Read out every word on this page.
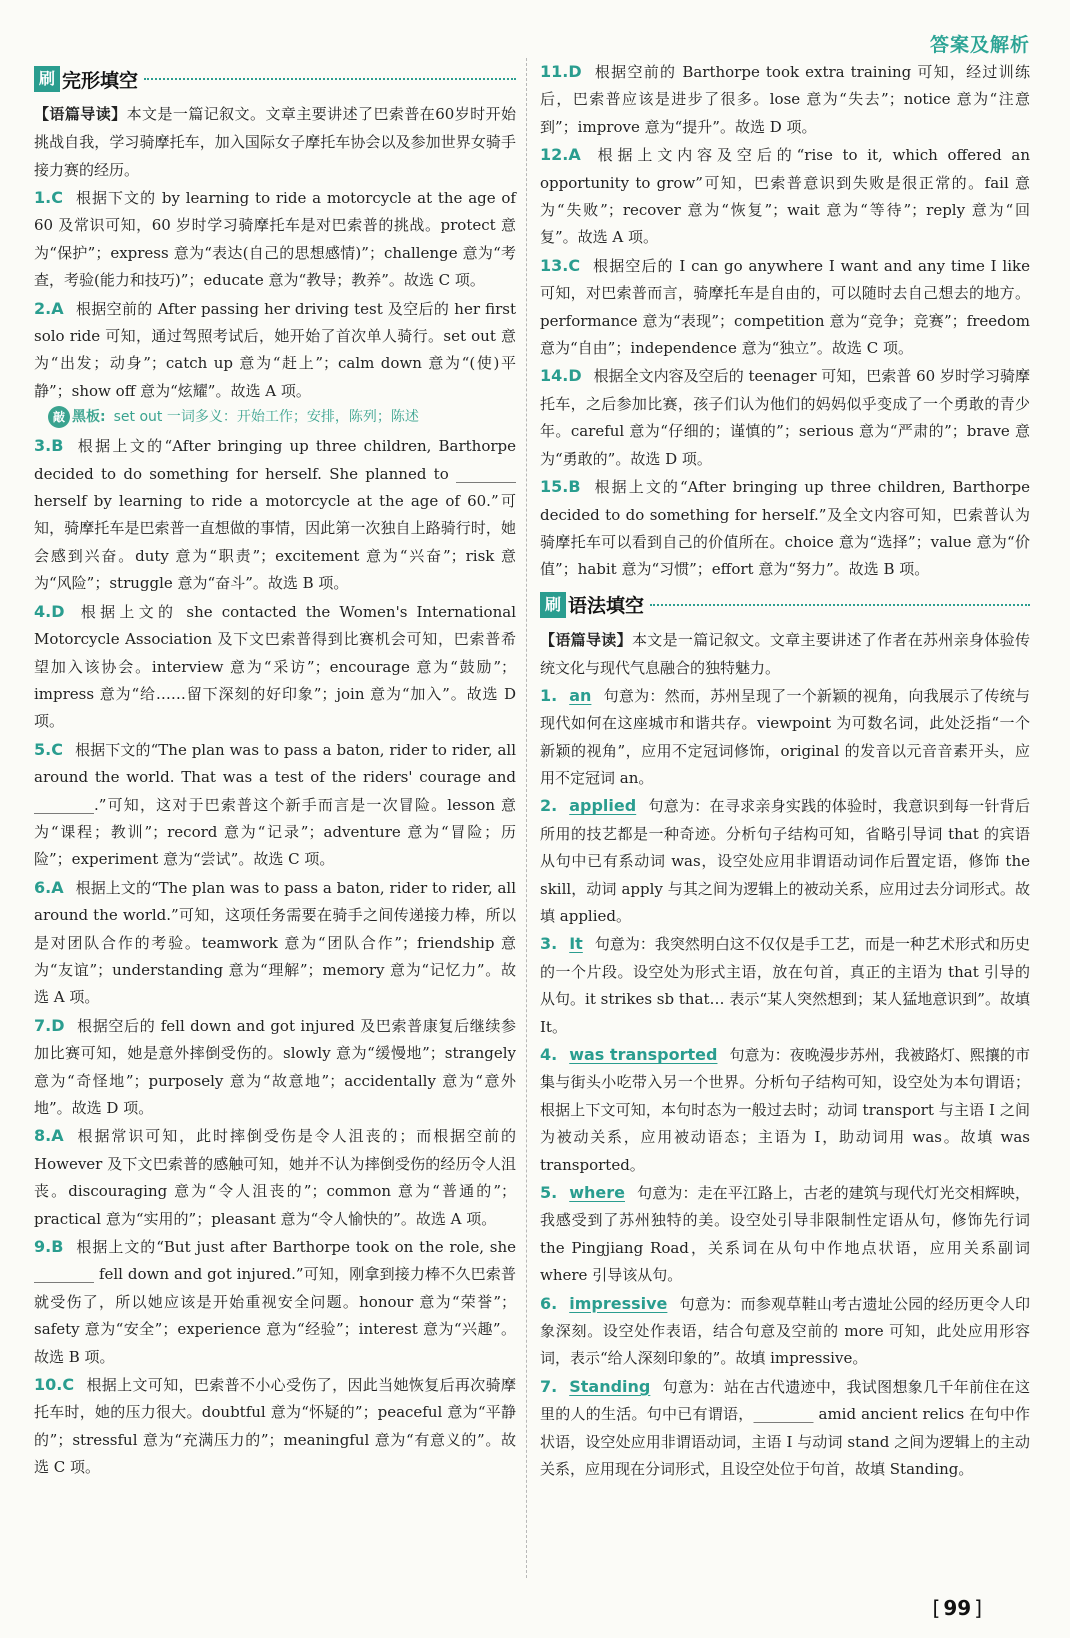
答案及解析
刷 完形填空
【语篇导读】本文是一篇记叙文。文章主要讲述了巴索普在60岁时开始挑战自我，学习骑摩托车，加入国际女子摩托车协会以及参加世界女骑手接力赛的经历。

1.C 根据下文的 by learning to ride a motorcycle at the age of 60 及常识可知，60 岁时学习骑摩托车是对巴索普的挑战。protect 意为“保护”；express 意为“表达(自己的思想感情)”；challenge 意为“考查，考验(能力和技巧)”；educate 意为“教导；教养”。故选 C 项。

2.A 根据空前的 After passing her driving test 及空后的 her first solo ride 可知，通过驾照考试后，她开始了首次单人骑行。set out 意为“出发；动身”；catch up 意为“赶上”；calm down 意为“(使)平静”；show off 意为“炫耀”。故选 A 项。

敲 黑板: set out 一词多义：开始工作；安排，陈列；陈述

3.B 根据上文的“After bringing up three children, Barthorpe decided to do something for herself. She planned to ________ herself by learning to ride a motorcycle at the age of 60.”可知，骑摩托车是巴索普一直想做的事情，因此第一次独自上路骑行时，她会感到兴奋。duty 意为“职责”；excitement 意为“兴奋”；risk 意为“风险”；struggle 意为“奋斗”。故选 B 项。

4.D 根据上文的 she contacted the Women's International Motorcycle Association 及下文巴索普得到比赛机会可知，巴索普希望加入该协会。interview 意为“采访”；encourage 意为“鼓励”；impress 意为“给……留下深刻的好印象”；join 意为“加入”。故选 D 项。

5.C 根据下文的“The plan was to pass a baton, rider to rider, all around the world. That was a test of the riders' courage and ________.”可知，这对于巴索普这个新手而言是一次冒险。lesson 意为“课程；教训”；record 意为“记录”；adventure 意为“冒险；历险”；experiment 意为“尝试”。故选 C 项。

6.A 根据上文的“The plan was to pass a baton, rider to rider, all around the world.”可知，这项任务需要在骑手之间传递接力棒，所以是对团队合作的考验。teamwork 意为“团队合作”；friendship 意为“友谊”；understanding 意为“理解”；memory 意为“记忆力”。故选 A 项。

7.D 根据空后的 fell down and got injured 及巴索普康复后继续参加比赛可知，她是意外摔倒受伤的。slowly 意为“缓慢地”；strangely 意为“奇怪地”；purposely 意为“故意地”；accidentally 意为“意外地”。故选 D 项。

8.A 根据常识可知，此时摔倒受伤是令人沮丧的；而根据空前的 However 及下文巴索普的感触可知，她并不认为摔倒受伤的经历令人沮丧。discouraging 意为“令人沮丧的”；common 意为“普通的”；practical 意为“实用的”；pleasant 意为“令人愉快的”。故选 A 项。

9.B 根据上文的“But just after Barthorpe took on the role, she ________ fell down and got injured.”可知，刚拿到接力棒不久巴索普就受伤了，所以她应该是开始重视安全问题。honour 意为“荣誉”；safety 意为“安全”；experience 意为“经验”；interest 意为“兴趣”。故选 B 项。

10.C 根据上文可知，巴索普不小心受伤了，因此当她恢复后再次骑摩托车时，她的压力很大。doubtful 意为“怀疑的”；peaceful 意为“平静的”；stressful 意为“充满压力的”；meaningful 意为“有意义的”。故选 C 项。

11.D 根据空前的 Barthorpe took extra training 可知，经过训练后，巴索普应该是进步了很多。lose 意为“失去”；notice 意为“注意到”；improve 意为“提升”。故选 D 项。

12.A 根据上文内容及空后的“rise to it, which offered an opportunity to grow”可知，巴索普意识到失败是很正常的。fail 意为“失败”；recover 意为“恢复”；wait 意为“等待”；reply 意为“回复”。故选 A 项。

13.C 根据空后的 I can go anywhere I want and any time I like 可知，对巴索普而言，骑摩托车是自由的，可以随时去自己想去的地方。performance 意为“表现”；competition 意为“竞争；竞赛”；freedom 意为“自由”；independence 意为“独立”。故选 C 项。

14.D 根据全文内容及空后的 teenager 可知，巴索普 60 岁时学习骑摩托车，之后参加比赛，孩子们认为他们的妈妈似乎变成了一个勇敢的青少年。careful 意为“仔细的；谨慎的”；serious 意为“严肃的”；brave 意为“勇敢的”。故选 D 项。

15.B 根据上文的“After bringing up three children, Barthorpe decided to do something for herself.”及全文内容可知，巴索普认为骑摩托车可以看到自己的价值所在。choice 意为“选择”；value 意为“价值”；habit 意为“习惯”；effort 意为“努力”。故选 B 项。

刷 语法填空
【语篇导读】本文是一篇记叙文。文章主要讲述了作者在苏州亲身体验传统文化与现代气息融合的独特魅力。

1. an 句意为：然而，苏州呈现了一个新颖的视角，向我展示了传统与现代如何在这座城市和谐共存。viewpoint 为可数名词，此处泛指“一个新颖的视角”，应用不定冠词修饰，original 的发音以元音音素开头，应用不定冠词 an。

2. applied 句意为：在寻求亲身实践的体验时，我意识到每一针背后所用的技艺都是一种奇迹。分析句子结构可知，省略引导词 that 的宾语从句中已有系动词 was，设空处应用非谓语动词作后置定语，修饰 the skill，动词 apply 与其之间为逻辑上的被动关系，应用过去分词形式。故填 applied。

3. It 句意为：我突然明白这不仅仅是手工艺，而是一种艺术形式和历史的一个片段。设空处为形式主语，放在句首，真正的主语为 that 引导的从句。it strikes sb that… 表示“某人突然想到；某人猛地意识到”。故填 It。

4. was transported 句意为：夜晚漫步苏州，我被路灯、熙攘的市集与街头小吃带入另一个世界。分析句子结构可知，设空处为本句谓语；根据上下文可知，本句时态为一般过去时；动词 transport 与主语 I 之间为被动关系，应用被动语态；主语为 I，助动词用 was。故填 was transported。

5. where 句意为：走在平江路上，古老的建筑与现代灯光交相辉映，我感受到了苏州独特的美。设空处引导非限制性定语从句，修饰先行词 the Pingjiang Road，关系词在从句中作地点状语，应用关系副词 where 引导该从句。

6. impressive 句意为：而参观草鞋山考古遗址公园的经历更令人印象深刻。设空处作表语，结合句意及空前的 more 可知，此处应用形容词，表示“给人深刻印象的”。故填 impressive。

7. Standing 句意为：站在古代遗迹中，我试图想象几千年前住在这里的人的生活。句中已有谓语，________ amid ancient relics 在句中作状语，设空处应用非谓语动词，主语 I 与动词 stand 之间为逻辑上的主动关系，应用现在分词形式，且设空处位于句首，故填 Standing。

[ 99 ]
